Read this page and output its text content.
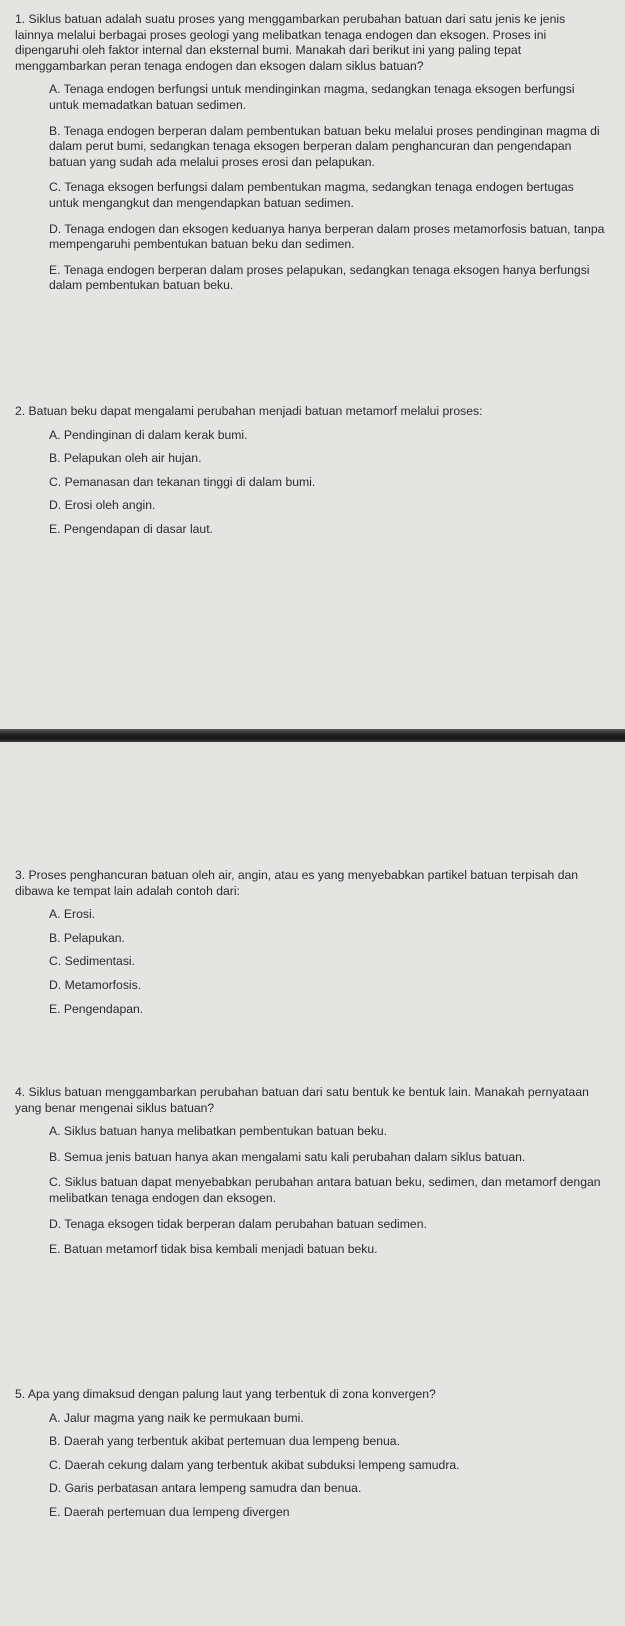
1. Siklus batuan adalah suatu proses yang menggambarkan perubahan batuan dari satu jenis ke jenis lainnya melalui berbagai proses geologi yang melibatkan tenaga endogen dan eksogen. Proses ini dipengaruhi oleh faktor internal dan eksternal bumi. Manakah dari berikut ini yang paling tepat menggambarkan peran tenaga endogen dan eksogen dalam siklus batuan?
A. Tenaga endogen berfungsi untuk mendinginkan magma, sedangkan tenaga eksogen berfungsi untuk memadatkan batuan sedimen.
B. Tenaga endogen berperan dalam pembentukan batuan beku melalui proses pendinginan magma di dalam perut bumi, sedangkan tenaga eksogen berperan dalam penghancuran dan pengendapan batuan yang sudah ada melalui proses erosi dan pelapukan.
C. Tenaga eksogen berfungsi dalam pembentukan magma, sedangkan tenaga endogen bertugas untuk mengangkut dan mengendapkan batuan sedimen.
D. Tenaga endogen dan eksogen keduanya hanya berperan dalam proses metamorfosis batuan, tanpa mempengaruhi pembentukan batuan beku dan sedimen.
E. Tenaga endogen berperan dalam proses pelapukan, sedangkan tenaga eksogen hanya berfungsi dalam pembentukan batuan beku.
2. Batuan beku dapat mengalami perubahan menjadi batuan metamorf melalui proses:
A. Pendinginan di dalam kerak bumi.
B. Pelapukan oleh air hujan.
C. Pemanasan dan tekanan tinggi di dalam bumi.
D. Erosi oleh angin.
E. Pengendapan di dasar laut.
3. Proses penghancuran batuan oleh air, angin, atau es yang menyebabkan partikel batuan terpisah dan dibawa ke tempat lain adalah contoh dari:
A. Erosi.
B. Pelapukan.
C. Sedimentasi.
D. Metamorfosis.
E. Pengendapan.
4. Siklus batuan menggambarkan perubahan batuan dari satu bentuk ke bentuk lain. Manakah pernyataan yang benar mengenai siklus batuan?
A. Siklus batuan hanya melibatkan pembentukan batuan beku.
B. Semua jenis batuan hanya akan mengalami satu kali perubahan dalam siklus batuan.
C. Siklus batuan dapat menyebabkan perubahan antara batuan beku, sedimen, dan metamorf dengan melibatkan tenaga endogen dan eksogen.
D. Tenaga eksogen tidak berperan dalam perubahan batuan sedimen.
E. Batuan metamorf tidak bisa kembali menjadi batuan beku.
5. Apa yang dimaksud dengan palung laut yang terbentuk di zona konvergen?
A. Jalur magma yang naik ke permukaan bumi.
B. Daerah yang terbentuk akibat pertemuan dua lempeng benua.
C. Daerah cekung dalam yang terbentuk akibat subduksi lempeng samudra.
D. Garis perbatasan antara lempeng samudra dan benua.
E. Daerah pertemuan dua lempeng divergen
